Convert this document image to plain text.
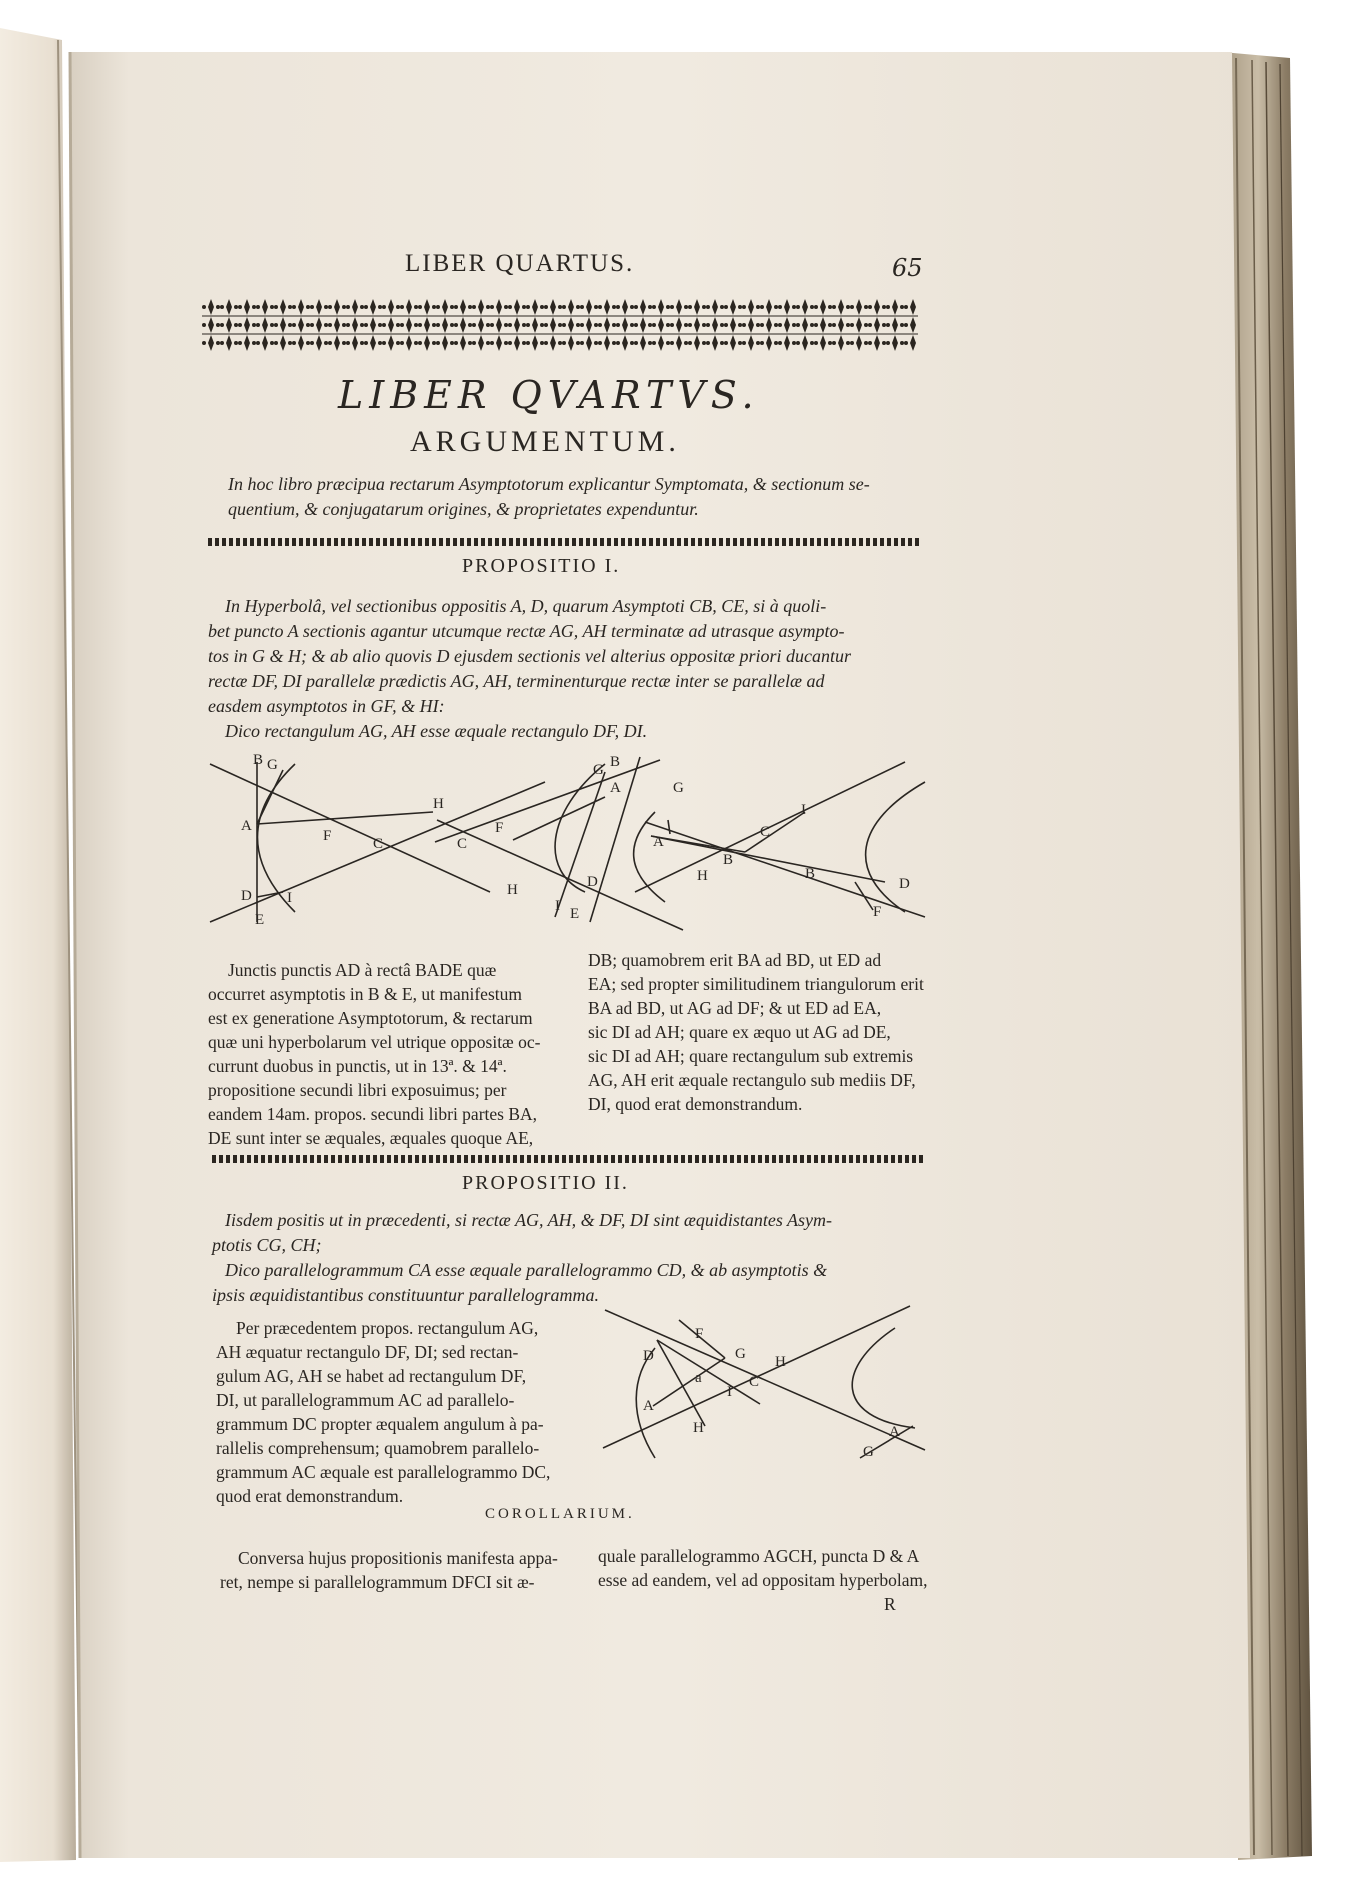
LIBER QUARTUS.	65

LIBER QVARTVS.

ARGUMENTUM.

In hoc libro præcipua rectarum Asymptotorum explicantur Symptomata, & sectionum se-

quentium, & conjugatarum origines, & proprietates expenduntur.

PROPOSITIO I.

In Hyperbolâ, vel sectionibus oppositis A, D, quarum Asymptoti CB, CE, si à quoli-

bet puncto A sectionis agantur utcumque rectæ AG, AH terminatæ ad utrasque asympto-

tos in G & H; & ab alio quovis D ejusdem sectionis vel alterius oppositæ priori ducantur

rectæ DF, DI parallelæ prædictis AG, AH, terminenturque rectæ inter se parallelæ ad

easdem asymptotos in GF, & HI:

Dico rectangulum AG, AH esse æquale rectangulo DF, DI.

B G
A
H
F	C
D I
E
G B
A
C
F
H	D
I E
G
A
C
I
B
H	B
D
F

Junctis punctis AD à rectâ BADE quæ

occurret asymptotis in B & E, ut manifestum

est ex generatione Asymptotorum, & rectarum

quæ uni hyperbolarum vel utrique oppositæ oc-

currunt duobus in punctis, ut in 13ª. & 14ª.

propositione secundi libri exposuimus; per

eandem 14am. propos. secundi libri partes BA,

DE sunt inter se æquales, æquales quoque AE,

DB; quamobrem erit BA ad BD, ut ED ad

EA; sed propter similitudinem triangulorum erit

BA ad BD, ut AG ad DF; & ut ED ad EA,

sic DI ad AH; quare ex æquo ut AG ad DE,

sic DI ad AH; quare rectangulum sub extremis

AG, AH erit æquale rectangulo sub mediis DF,

DI, quod erat demonstrandum.

PROPOSITIO II.

Iisdem positis ut in præcedenti, si rectæ AG, AH, & DF, DI sint æquidistantes Asym-

ptotis CG, CH;

Dico parallelogrammum CA esse æquale parallelogrammo CD, & ab asymptotis &

ipsis æquidistantibus constituuntur parallelogramma.

Per præcedentem propos. rectangulum AG,

AH æquatur rectangulo DF, DI; sed rectan-

gulum AG, AH se habet ad rectangulum DF,

DI, ut parallelogrammum AC ad parallelo-

grammum DC propter æqualem angulum à pa-

rallelis comprehensum; quamobrem parallelo-

grammum AC æquale est parallelogrammo DC,

quod erat demonstrandum.

F
G H
D
a	C
I
A
H	A
G

COROLLARIUM.

Conversa hujus propositionis manifesta appa-

ret, nempe si parallelogrammum DFCI sit æ-

quale parallelogrammo AGCH, puncta D & A

esse ad eandem, vel ad oppositam hyperbolam,

R
